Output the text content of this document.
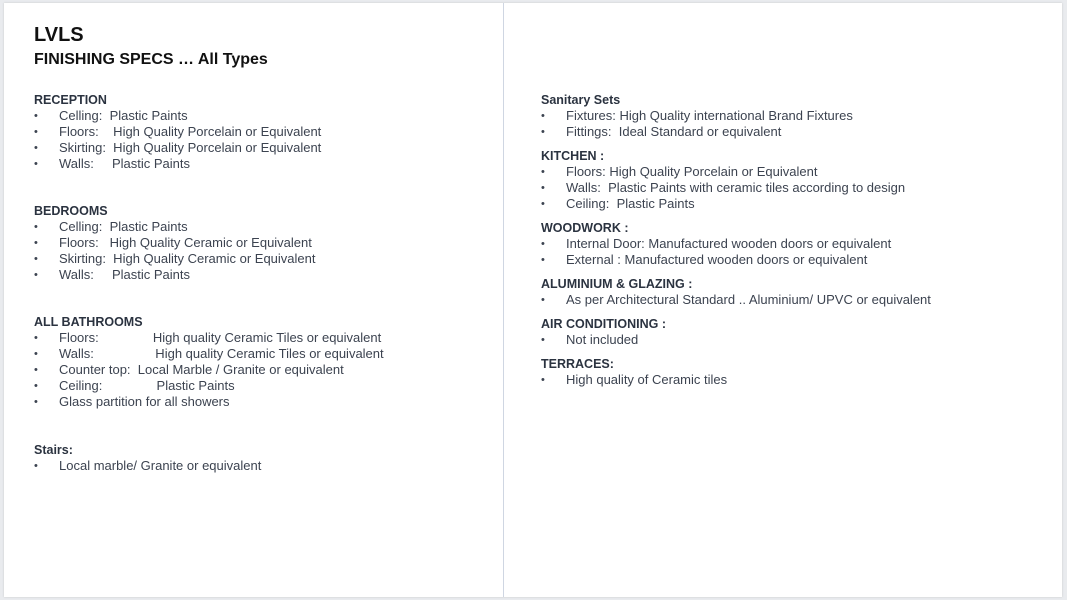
LVLS
FINISHING SPECS … All Types
RECEPTION
• Celling:  Plastic Paints
• Floors:    High Quality Porcelain or Equivalent
• Skirting:  High Quality Porcelain or Equivalent
• Walls:     Plastic Paints
BEDROOMS
• Celling:  Plastic Paints
• Floors:   High Quality Ceramic or Equivalent
• Skirting:  High Quality Ceramic or Equivalent
• Walls:     Plastic Paints
ALL BATHROOMS
• Floors:               High quality Ceramic Tiles or equivalent
• Walls:                 High quality Ceramic Tiles or equivalent
• Counter top:  Local Marble / Granite or equivalent
• Ceiling:               Plastic Paints
• Glass partition for all showers
Stairs:
• Local marble/ Granite or equivalent
Sanitary Sets
• Fixtures: High Quality international Brand Fixtures
• Fittings:  Ideal Standard or equivalent
KITCHEN :
• Floors: High Quality Porcelain or Equivalent
• Walls:  Plastic Paints with ceramic tiles according to design
• Ceiling:  Plastic Paints
WOODWORK :
• Internal Door: Manufactured wooden doors or equivalent
• External : Manufactured wooden doors or equivalent
ALUMINIUM & GLAZING :
• As per Architectural Standard .. Aluminium/ UPVC or equivalent
AIR CONDITIONING :
• Not included
TERRACES:
• High quality of Ceramic tiles
